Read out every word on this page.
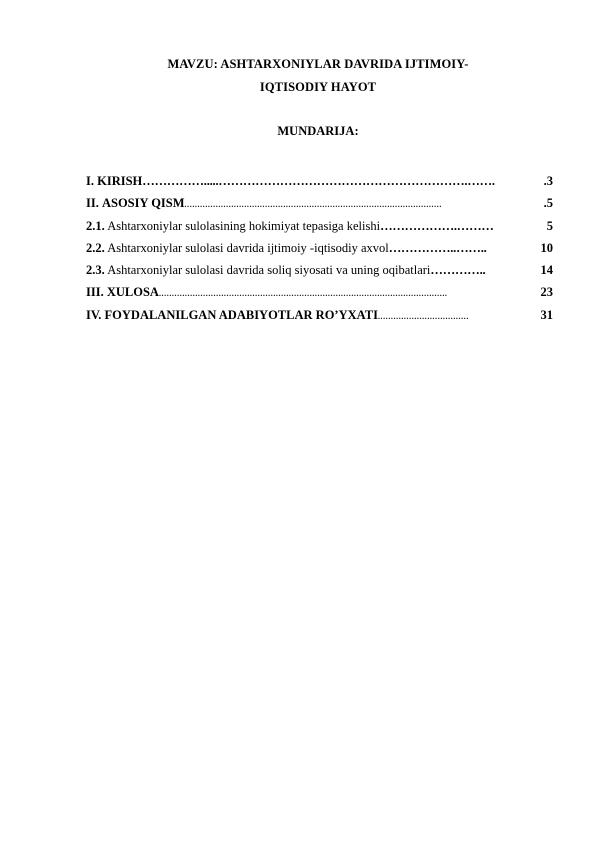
MAVZU: ASHTARXONIYLAR DAVRIDA IJTIMOIY-
IQTISODIY HAYOT
MUNDARIJA:
I. KIRISH …………….....…………………………………………………….…….	.3
II. ASOSIY QISM ...................................................................................................	.5
2.1. Ashtarxoniylar sulolasining hokimiyat tepasiga kelishi ……………….………	5
2.2. Ashtarxoniylar sulolasi davrida ijtimoiy -iqtisodiy axvol ……………..……..	10
2.3. Ashtarxoniylar sulolasi davrida soliq siyosati va uning oqibatlari …………..	14
III. XULOSA ...............................................................................................................	23
IV. FOYDALANILGAN ADABIYOTLAR RO’YXATI ...................................	31
